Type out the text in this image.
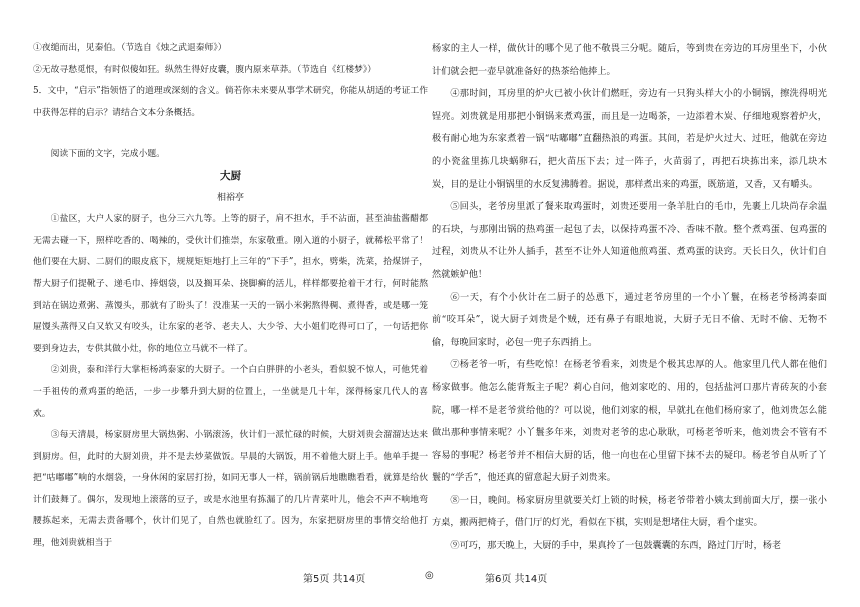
①夜缒而出，见秦伯。（节选自《烛之武退秦师》）

②无故寻愁觅恨，有时似傻如狂。纵然生得好皮囊，腹内原来草莽。（节选自《红楼梦》）

5．文中，“启示”指领悟了的道理或深刻的含义。倘若你未来要从事学术研究，你能从胡适的考证工作中获得怎样的启示？请结合文本分条概括。

阅读下面的文字，完成小题。

大厨

相裕亭

①盐区，大户人家的厨子，也分三六九等。上等的厨子，肩不担水，手不沾面，甚至油盐酱醋都无需去碰一下，照样吃香的、喝辣的，受伙计们推崇，东家敬重。刚入道的小厨子，就稀松平常了！他们要在大厨、二厨们的眼皮底下，规规矩矩地打上三年的“下手”，担水，劈柴，洗菜，拾煤饼子，帮大厨子们提靴子、递毛巾、捧烟袋，以及搁耳朵、挠脚癣的活儿，样样都要抢着干才行，何时能熬到站在锅边煮粥、蒸馒头，那就有了盼头了！没准某一天的一锅小米粥熬得稠、煮得香，或是哪一笼屉馒头蒸得又白又软又有咬头，让东家的老爷、老夫人、大少爷、大小姐们吃得可口了，一句话把你要到身边去，专供其做小灶，你的地位立马就不一样了。

②刘贵，泰和洋行大掌柜杨鸿泰家的大厨子。一个白白胖胖的小老头，看似貌不惊人，可他凭着一手祖传的煮鸡蛋的绝活，一步一步攀升到大厨的位置上，一坐就是几十年，深得杨家几代人的喜欢。

③每天清晨，杨家厨房里大锅热粥、小锅滚汤，伙计们一派忙碌的时候，大厨刘贵会溜溜达达来到厨房。但，此时的大厨刘贵，并不是去炒菜做饭。早晨的大锅饭，用不着他大厨上手。他单手提一把“咕嘟嘟”响的水烟袋，一身休闲的家居打扮，如同无事人一样，锅前锅后地瞧瞧看看，就算是给伙计们鼓舞了。偶尔，发现地上滚落的豆子，或是水池里有拣漏了的几片青菜叶儿，他会不声不响地弯腰拣起来，无需去责备哪个，伙计们见了，自然也就脸红了。因为，东家把厨房里的事情交给他打理，他刘贵就相当于

杨家的主人一样，做伙计的哪个见了他不敬畏三分呢。随后，等到贵在旁边的耳房里坐下，小伙计们就会把一壶早就准备好的热茶给他捧上。

④那时间，耳房里的炉火已被小伙计们燃旺，旁边有一只狗头样大小的小铜锅，擦洗得明光锃亮。刘贵就是用那把小铜锅来煮鸡蛋，而且是一边喝茶，一边添着木炭、仔细地观察着炉火，极有耐心地为东家煮着一锅“咕嘟嘟”直翻热浪的鸡蛋。其间，若是炉火过大、过旺，他就在旁边的小瓷盆里拣几块蜗卵石，把火苗压下去；过一阵子，火苗弱了，再把石块拣出来，添几块木炭，目的是让小铜锅里的水反复沸腾着。据说，那样煮出来的鸡蛋，既筋道，又香，又有嚼头。

⑤回头，老爷房里派了餐来取鸡蛋时，刘贵还要用一条羊肚白的毛巾，先裹上几块尚存余温的石块，与那刚出锅的热鸡蛋一起包了去，以保持鸡蛋不冷、香味不散。整个煮鸡蛋、包鸡蛋的过程，刘贵从不让外人插手，甚至不让外人知道他煎鸡蛋、煮鸡蛋的诀窍。天长日久，伙计们自然就嫉妒他！

⑥一天，有个小伙计在二厨子的怂恿下，通过老爷房里的一个小丫鬟，在杨老爷杨鸿泰面前“咬耳朵”，说大厨子刘贵是个贼，还有鼻子有眼地说，大厨子无日不偷、无时不偷、无物不偷，每晚回家时，必包一兜子东西捎上。

⑦杨老爷一听，有些吃惊！在杨老爷看来，刘贵是个极其忠厚的人。他家里几代人都在他们杨家做事。他怎么能背叛主子呢？莉心自问，他刘家吃的、用的，包括盐河口那片青砖灰的小套院，哪一样不是老爷赏给他的？可以说，他们刘家的根，早就扎在他们杨府家了，他刘贵怎么能做出那种事情来呢？小丫鬟多年来，刘贵对老爷的忠心耿耿，可杨老爷听来，他刘贵会不管有不容易的事呢？杨老爷并不相信大厨的话，他一向也在心里留下抹不去的疑印。杨老爷自从听了丫鬟的“学舌”，他还真的留意起大厨子刘贵来。

⑧一日，晚间。杨家厨房里就要关灯上锁的时候，杨老爷带着小姨太到前面大厅，摆一张小方桌，搬两把椅子，借门厅的灯光，看似在下棋，实则是想堵住大厨，看个虚实。

⑨可巧，那天晚上，大厨的手中，果真拎了一包鼓囊囊的东西，路过门厅时，杨老

第5页 共14页	◎	第6页 共14页
